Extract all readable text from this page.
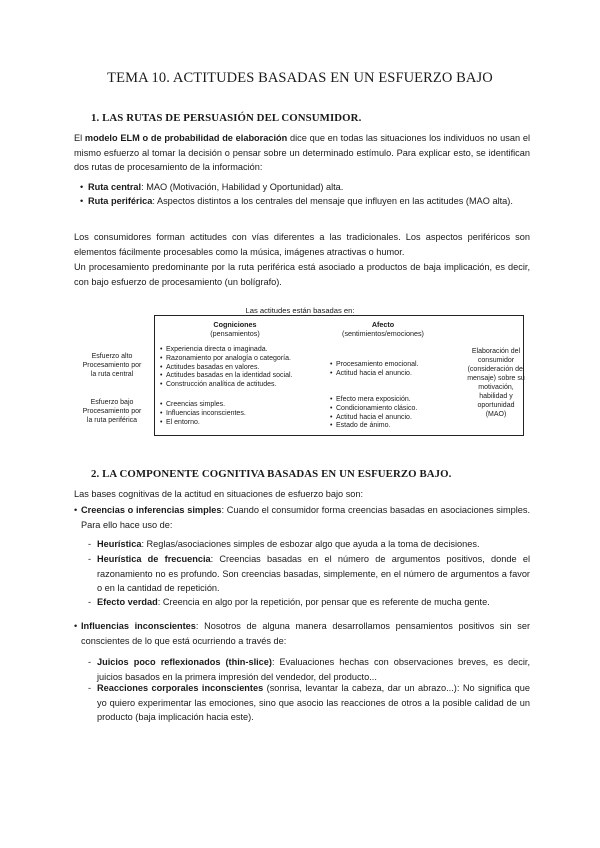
TEMA 10. ACTITUDES BASADAS EN UN ESFUERZO BAJO
1. LAS RUTAS DE PERSUASIÓN DEL CONSUMIDOR.
El modelo ELM o de probabilidad de elaboración dice que en todas las situaciones los individuos no usan el mismo esfuerzo al tomar la decisión o pensar sobre un determinado estímulo. Para explicar esto, se identifican dos rutas de procesamiento de la información:
• Ruta central: MAO (Motivación, Habilidad y Oportunidad) alta.
• Ruta periférica: Aspectos distintos a los centrales del mensaje que influyen en las actitudes (MAO alta).
Los consumidores forman actitudes con vías diferentes a las tradicionales. Los aspectos periféricos son elementos fácilmente procesables como la música, imágenes atractivas o humor.
Un procesamiento predominante por la ruta periférica está asociado a productos de baja implicación, es decir, con bajo esfuerzo de procesamiento (un bolígrafo).
Las actitudes están basadas en:
Cogniciones
(pensamientos)
Afecto
(sentimientos/emociones)
Esfuerzo alto
Procesamiento por
la ruta central
Esfuerzo bajo
Procesamiento por
la ruta periférica
• Experiencia directa o imaginada.
• Razonamiento por analogía o categoría.
• Actitudes basadas en valores.
• Actitudes basadas en la identidad social.
• Construcción analítica de actitudes.
• Procesamiento emocional.
• Actitud hacia el anuncio.
• Creencias simples.
• Influencias inconscientes.
• El entorno.
• Efecto mera exposición.
• Condicionamiento clásico.
• Actitud hacia el anuncio.
• Estado de ánimo.
Elaboración del
consumidor
(consideración del
mensaje) sobre su
motivación,
habilidad y
oportunidad
(MAO)
2. LA COMPONENTE COGNITIVA BASADAS EN UN ESFUERZO BAJO.
Las bases cognitivas de la actitud en situaciones de esfuerzo bajo son:
• Creencias o inferencias simples: Cuando el consumidor forma creencias basadas en asociaciones simples. Para ello hace uso de:
- Heurística: Reglas/asociaciones simples de esbozar algo que ayuda a la toma de decisiones.
- Heurística de frecuencia: Creencias basadas en el número de argumentos positivos, donde el razonamiento no es profundo. Son creencias basadas, simplemente, en el número de argumentos a favor o en la cantidad de repetición.
- Efecto verdad: Creencia en algo por la repetición, por pensar que es referente de mucha gente.
• Influencias inconscientes: Nosotros de alguna manera desarrollamos pensamientos positivos sin ser conscientes de lo que está ocurriendo a través de:
- Juicios poco reflexionados (thin-slice): Evaluaciones hechas con observaciones breves, es decir, juicios basados en la primera impresión del vendedor, del producto...
- Reacciones corporales inconscientes (sonrisa, levantar la cabeza, dar un abrazo...): No significa que yo quiero experimentar las emociones, sino que asocio las reacciones de otros a la posible calidad de un producto (baja implicación hacia este).
